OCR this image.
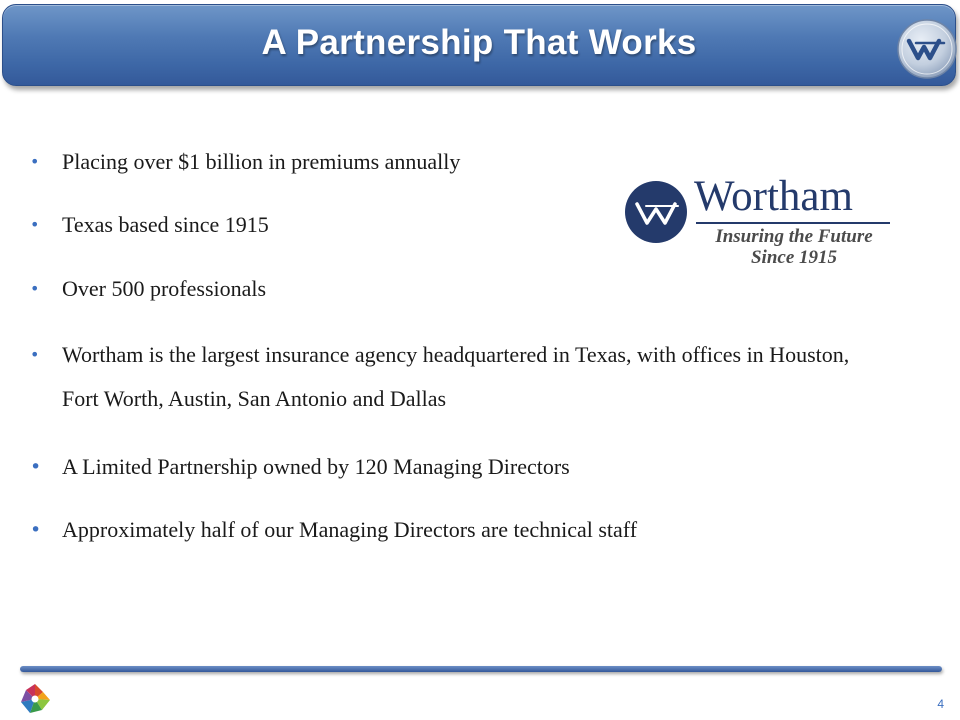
A Partnership That Works
• Placing over $1 billion in premiums annually
• Texas based since 1915
• Over 500 professionals
• Wortham is the largest insurance agency headquartered in Texas, with offices in Houston, Fort Worth, Austin, San Antonio and Dallas
• A Limited Partnership owned by 120 Managing Directors
• Approximately half of our Managing Directors are technical staff
Wortham
Insuring the Future
Since 1915
4
